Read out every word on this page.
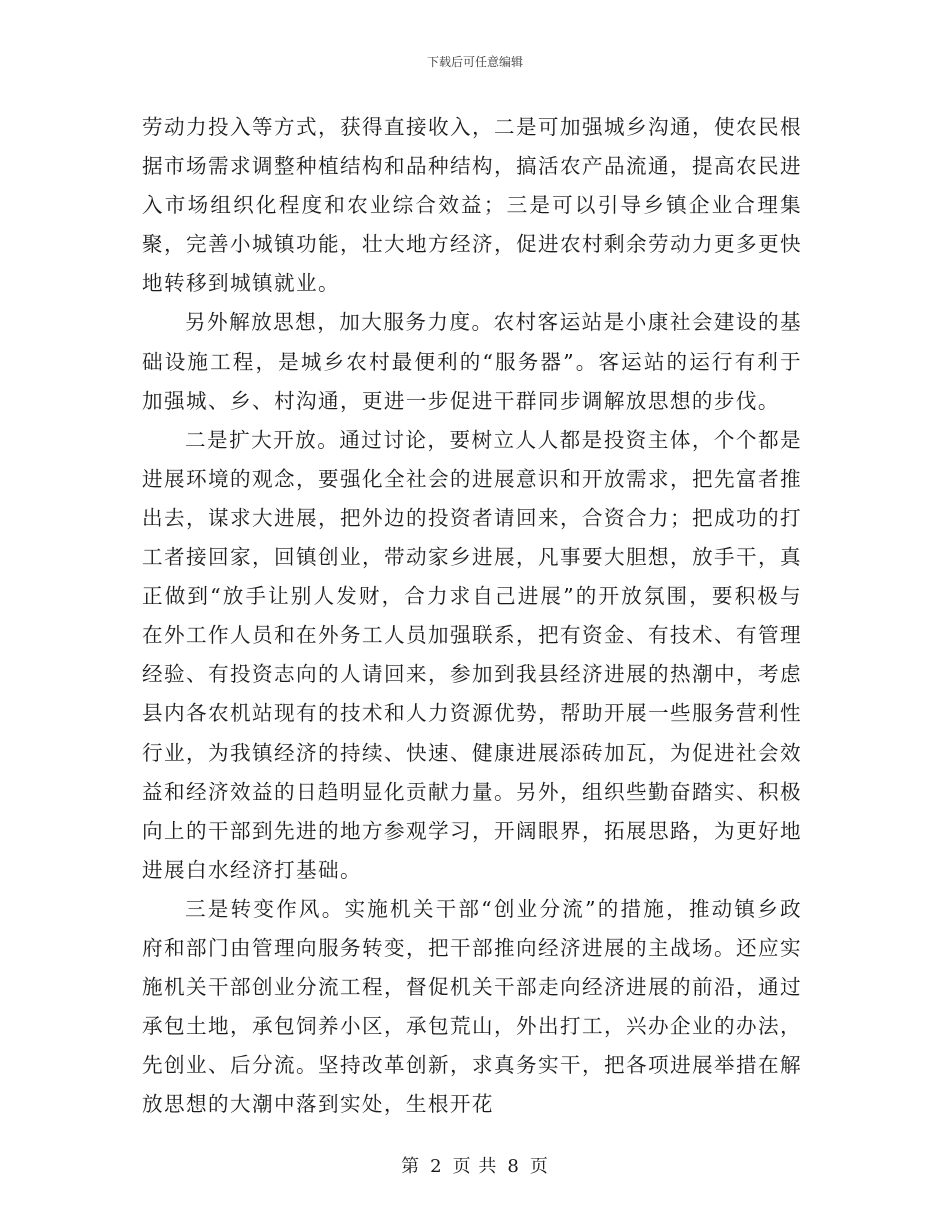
下载后可任意编辑

劳动力投入等方式，获得直接收入，二是可加强城乡沟通，使农民根据市场需求调整种植结构和品种结构，搞活农产品流通，提高农民进入市场组织化程度和农业综合效益；三是可以引导乡镇企业合理集聚，完善小城镇功能，壮大地方经济，促进农村剩余劳动力更多更快地转移到城镇就业。

另外解放思想，加大服务力度。农村客运站是小康社会建设的基础设施工程，是城乡农村最便利的“服务器”。客运站的运行有利于加强城、乡、村沟通，更进一步促进干群同步调解放思想的步伐。

二是扩大开放。通过讨论，要树立人人都是投资主体，个个都是进展环境的观念，要强化全社会的进展意识和开放需求，把先富者推出去，谋求大进展，把外边的投资者请回来，合资合力；把成功的打工者接回家，回镇创业，带动家乡进展，凡事要大胆想，放手干，真正做到“放手让别人发财，合力求自己进展”的开放氛围，要积极与在外工作人员和在外务工人员加强联系，把有资金、有技术、有管理经验、有投资志向的人请回来，参加到我县经济进展的热潮中，考虑县内各农机站现有的技术和人力资源优势，帮助开展一些服务营利性行业，为我镇经济的持续、快速、健康进展添砖加瓦，为促进社会效益和经济效益的日趋明显化贡献力量。另外，组织些勤奋踏实、积极向上的干部到先进的地方参观学习，开阔眼界，拓展思路，为更好地进展白水经济打基础。

三是转变作风。实施机关干部“创业分流”的措施，推动镇乡政府和部门由管理向服务转变，把干部推向经济进展的主战场。还应实施机关干部创业分流工程，督促机关干部走向经济进展的前沿，通过承包土地，承包饲养小区，承包荒山，外出打工，兴办企业的办法，先创业、后分流。坚持改革创新，求真务实干，把各项进展举措在解放思想的大潮中落到实处，生根开花

第 2 页 共 8 页
